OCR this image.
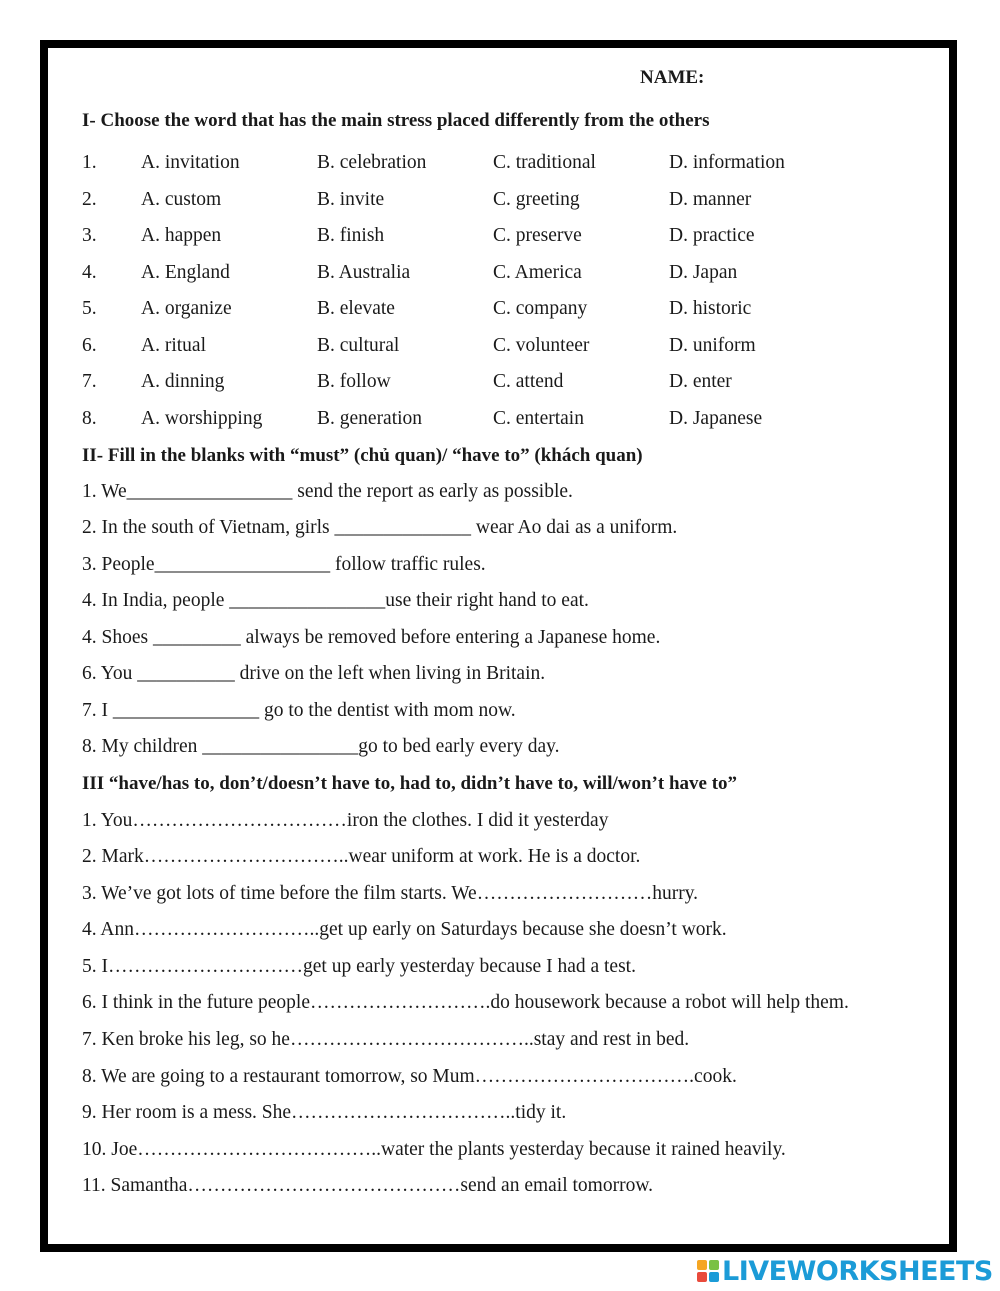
NAME:
I- Choose the word that has the main stress placed differently from the others
1. A. invitation	B. celebration	C. traditional	D. information
2. A. custom	B. invite	C. greeting	D. manner
3. A. happen	B. finish	C. preserve	D. practice
4. A. England	B. Australia	C. America	D. Japan
5. A. organize	B. elevate	C. company	D. historic
6. A. ritual	B. cultural	C. volunteer	D. uniform
7. A. dinning	B. follow	C. attend	D. enter
8. A. worshipping	B. generation	C. entertain	D. Japanese
II- Fill in the blanks with “must” (chủ quan)/ “have to” (khách quan)
1. We_________________ send the report as early as possible.
2. In the south of Vietnam, girls ______________ wear Ao dai as a uniform.
3. People__________________ follow traffic rules.
4. In India, people ________________use their right hand to eat.
4. Shoes _________ always be removed before entering a Japanese home.
6. You __________ drive on the left when living in Britain.
7. I _______________ go to the dentist with mom now.
8. My children ________________go to bed early every day.
III “have/has to, don’t/doesn’t have to, had to, didn’t have to, will/won’t have to”
1. You……………………………iron the clothes. I did it yesterday
2. Mark…………………………..wear uniform at work. He is a doctor.
3. We’ve got lots of time before the film starts. We………………………hurry.
4. Ann………………………..get up early on Saturdays because she doesn’t work.
5. I…………………………get up early yesterday because I had a test.
6. I think in the future people……………………….do housework because a robot will help them.
7. Ken broke his leg, so he………………………………..stay and rest in bed.
8. We are going to a restaurant tomorrow, so Mum…………………………….cook.
9. Her room is a mess. She……………………………..tidy it.
10. Joe………………………………..water the plants yesterday because it rained heavily.
11. Samantha……………………………………send an email tomorrow.
LIVEWORKSHEETS
